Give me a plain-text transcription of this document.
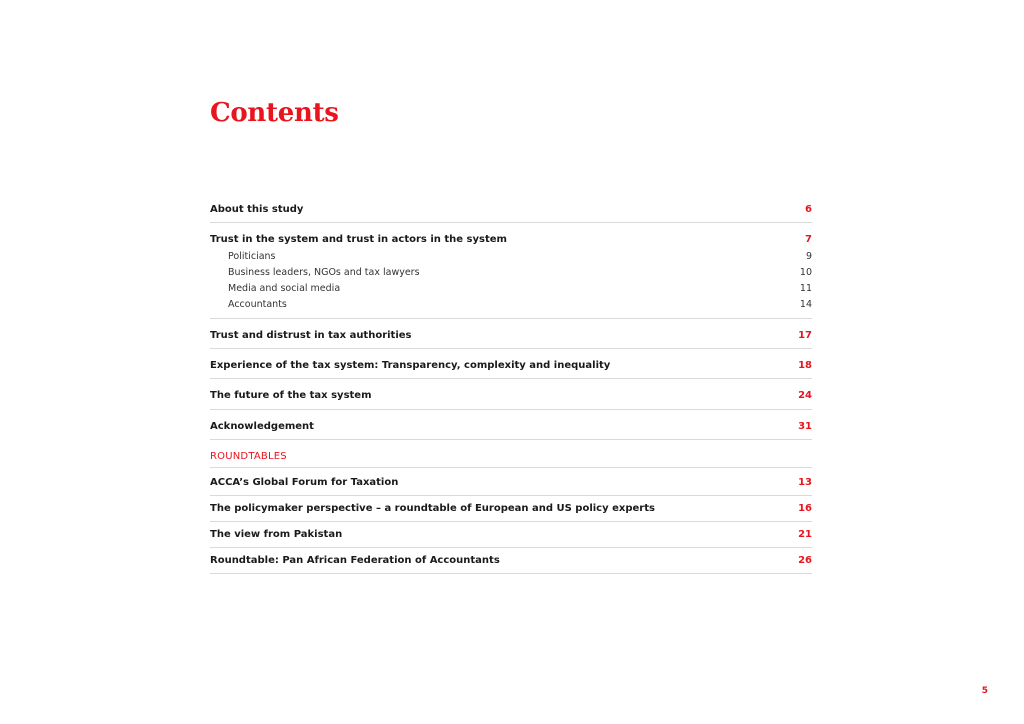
Contents
About this study	6
Trust in the system and trust in actors in the system	7
Politicians	9
Business leaders, NGOs and tax lawyers	10
Media and social media	11
Accountants	14
Trust and distrust in tax authorities	17
Experience of the tax system: Transparency, complexity and inequality	18
The future of the tax system	24
Acknowledgement	31
ROUNDTABLES
ACCA’s Global Forum for Taxation	13
The policymaker perspective – a roundtable of European and US policy experts	16
The view from Pakistan	21
Roundtable: Pan African Federation of Accountants	26
5
